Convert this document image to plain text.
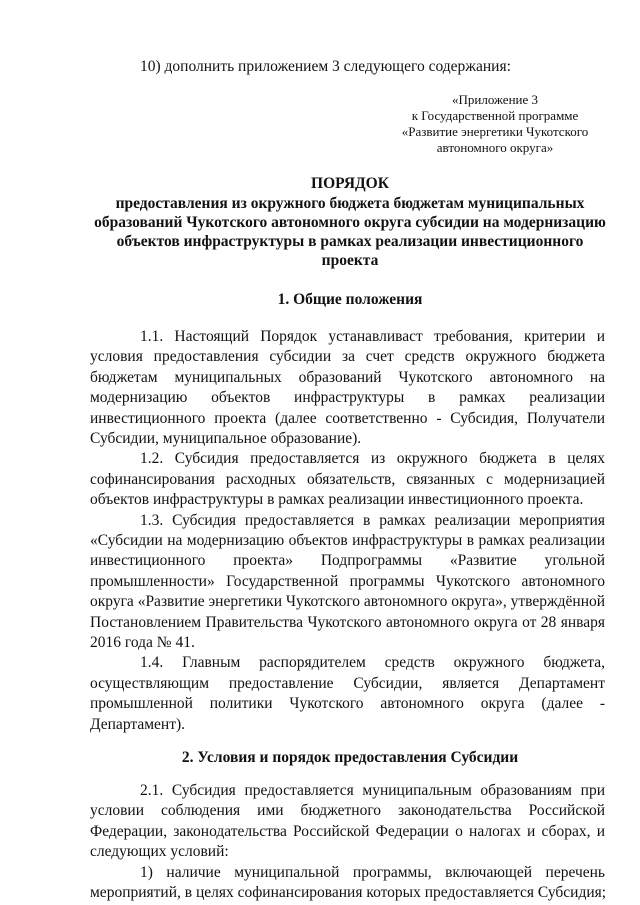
10) дополнить приложением 3 следующего содержания:
«Приложение 3
к Государственной программе
«Развитие энергетики Чукотского
автономного округа»
ПОРЯДОК
предоставления из окружного бюджета бюджетам муниципальных
образований Чукотского автономного округа субсидии на модернизацию
объектов инфраструктуры в рамках реализации инвестиционного
проекта
1. Общие положения
1.1. Настоящий Порядок устанавливаст требования, критерии и
условия предоставления субсидии за счет средств окружного бюджета
бюджетам муниципальных образований Чукотского автономного на
модернизацию объектов инфраструктуры в рамках реализации
инвестиционного проекта (далее соответственно - Субсидия, Получатели
Субсидии, муниципальное образование).
1.2. Субсидия предоставляется из окружного бюджета в целях
софинансирования расходных обязательств, связанных с модернизацией
объектов инфраструктуры в рамках реализации инвестиционного проекта.
1.3. Субсидия предоставляется в рамках реализации мероприятия
«Субсидии на модернизацию объектов инфраструктуры в рамках реализации
инвестиционного проекта» Подпрограммы «Развитие угольной
промышленности» Государственной программы Чукотского автономного
округа «Развитие энергетики Чукотского автономного округа», утверждённой
Постановлением Правительства Чукотского автономного округа от 28 января
2016 года № 41.
1.4. Главным распорядителем средств окружного бюджета,
осуществляющим предоставление Субсидии, является Департамент
промышленной политики Чукотского автономного округа (далее -
Департамент).
2. Условия и порядок предоставления Субсидии
2.1. Субсидия предоставляется муниципальным образованиям при
условии соблюдения ими бюджетного законодательства Российской
Федерации, законодательства Российской Федерации о налогах и сборах, и
следующих условий:
1) наличие муниципальной программы, включающей перечень
мероприятий, в целях софинансирования которых предоставляется Субсидия;
